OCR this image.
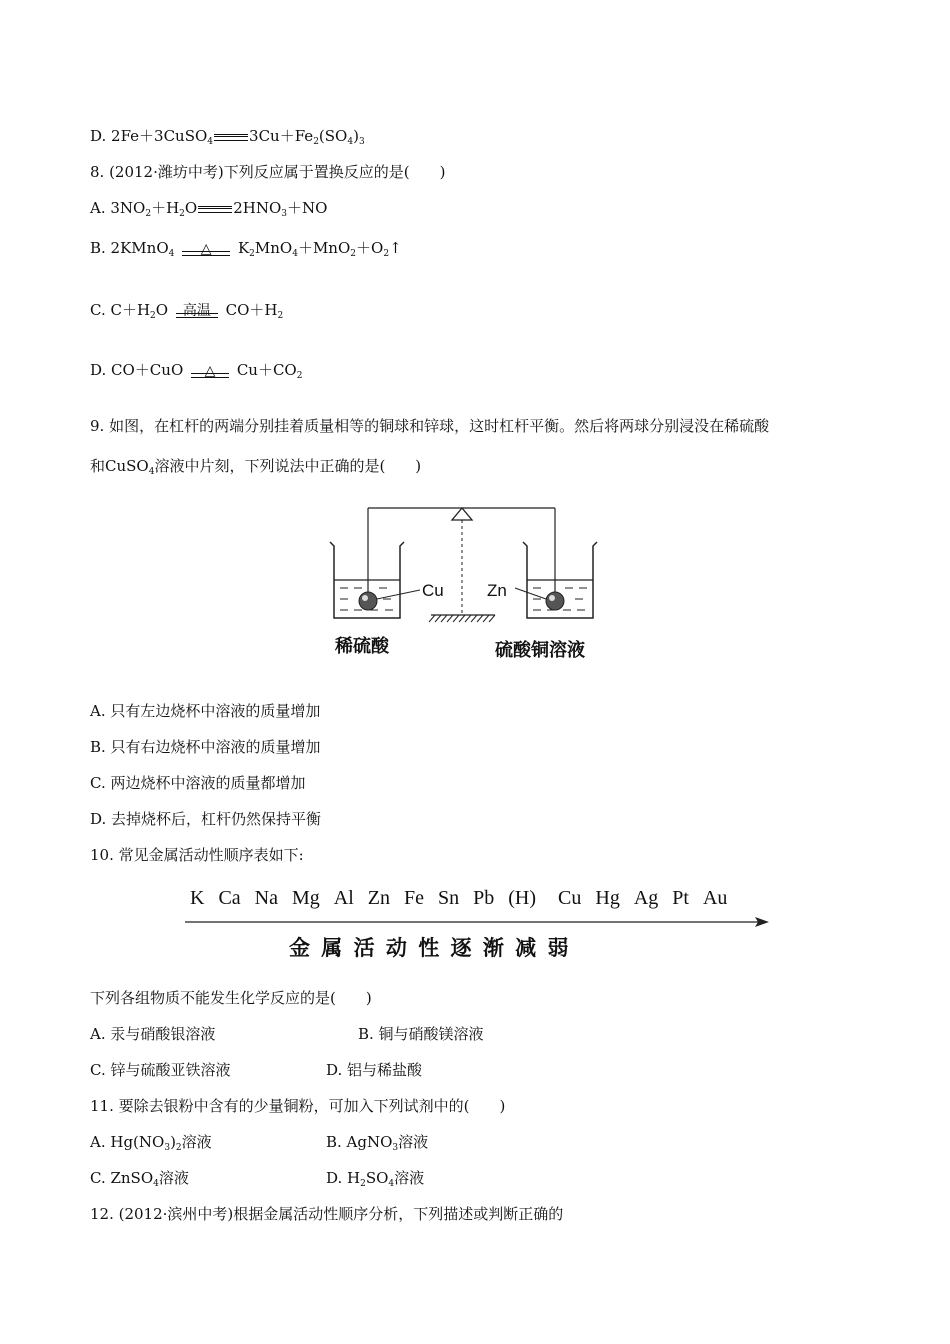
D. 2Fe＋3CuSO$_4$ $3Cu+Fe_2(SO_4)_3$
8. (2012·潍坊中考)下列反应属于置换反应的是(　　)
A. $3NO_2+H_2O$ $2HNO_3+NO$
B. 2KMnO$_4$	△	$K_2MnO_4+MnO_2+O_2↑$
C. $C+H_2O$	高温 $CO+H_2$
D. CO＋CuO	△	$Cu+CO_2$
9. 如图，在杠杆的两端分别挂着质量相等的铜球和锌球，这时杠杆平衡。然后将两球分别浸没在稀硫酸
和CuSO$_4$溶液中片刻，下列说法中正确的是(　　)
Cu	Zn
稀硫酸	硫酸铜溶液
A. 只有左边烧杯中溶液的质量增加
B. 只有右边烧杯中溶液的质量增加
C. 两边烧杯中溶液的质量都增加
D. 去掉烧杯后，杠杆仍然保持平衡
10. 常见金属活动性顺序表如下:
K Ca Na Mg Al Zn Fe Sn Pb (H) Cu Hg Ag Pt Au
金 属 活 动 性 逐 渐 减 弱
下列各组物质不能发生化学反应的是(　　)
A. 汞与硝酸银溶液	B. 铜与硝酸镁溶液
C. 锌与硫酸亚铁溶液	D. 铝与稀盐酸
11. 要除去银粉中含有的少量铜粉，可加入下列试剂中的(　　)
A. $Hg(NO_3)_2$溶液	B. AgNO$_3$溶液
C. ZnSO$_4$溶液	D. $H_2SO_4$溶液
12. (2012·滨州中考)根据金属活动性顺序分析，下列描述或判断正确的
